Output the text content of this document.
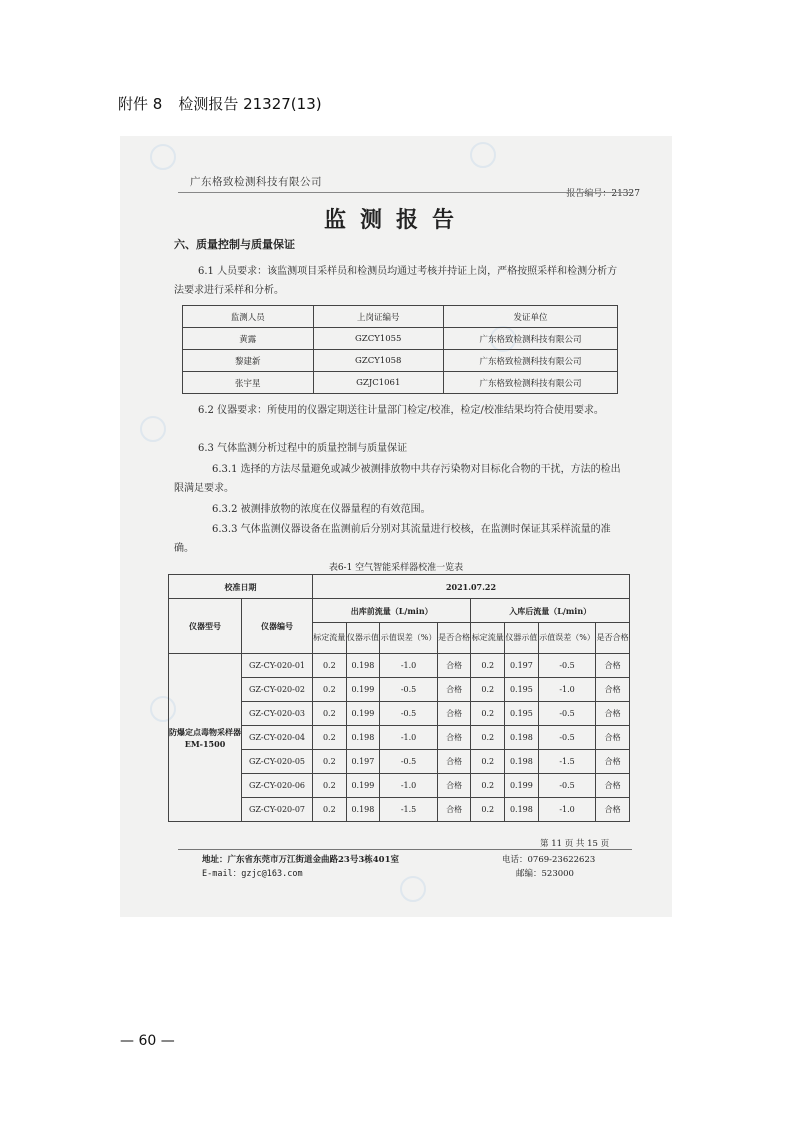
附件 8 检测报告 21327(13)
广东格致检测科技有限公司
报告编号：21327
监测报告
六、质量控制与质量保证
6.1 人员要求：该监测项目采样员和检测员均通过考核并持证上岗，严格按照采样和检测分析方法要求进行采样和分析。
监测人员	上岗证编号	发证单位
黄露	GZCY1055	广东格致检测科技有限公司
黎建新	GZCY1058	广东格致检测科技有限公司
张宇星	GZJC1061	广东格致检测科技有限公司
6.2 仪器要求：所使用的仪器定期送往计量部门检定/校准，检定/校准结果均符合使用要求。
6.3 气体监测分析过程中的质量控制与质量保证
6.3.1 选择的方法尽量避免或减少被测排放物中共存污染物对目标化合物的干扰，方法的检出限满足要求。
6.3.2 被测排放物的浓度在仪器量程的有效范围。
6.3.3 气体监测仪器设备在监测前后分别对其流量进行校核，在监测时保证其采样流量的准确。
表6-1 空气智能采样器校准一览表
校准日期		2021.07.22							
仪器型号	仪器编号	出库前流量（L/min）				入库后流量（L/min）			
		标定流量	仪器示值	示值误差（%）	是否合格	标定流量	仪器示值	示值误差（%）	是否合格
防爆定点毒物采样器EM-1500	GZ-CY-020-01	0.2	0.198	-1.0	合格	0.2	0.197	-0.5	合格
	GZ-CY-020-02	0.2	0.199	-0.5	合格	0.2	0.195	-1.0	合格
	GZ-CY-020-03	0.2	0.199	-0.5	合格	0.2	0.195	-0.5	合格
	GZ-CY-020-04	0.2	0.198	-1.0	合格	0.2	0.198	-0.5	合格
	GZ-CY-020-05	0.2	0.197	-0.5	合格	0.2	0.198	-1.5	合格
	GZ-CY-020-06	0.2	0.199	-1.0	合格	0.2	0.199	-0.5	合格
	GZ-CY-020-07	0.2	0.198	-1.5	合格	0.2	0.198	-1.0	合格
第 11 页 共 15 页
地址：广东省东莞市万江街道金曲路23号3栋401室
E-mail：gzjc@163.com
电话：0769-23622623
邮编：523000
— 60 —
